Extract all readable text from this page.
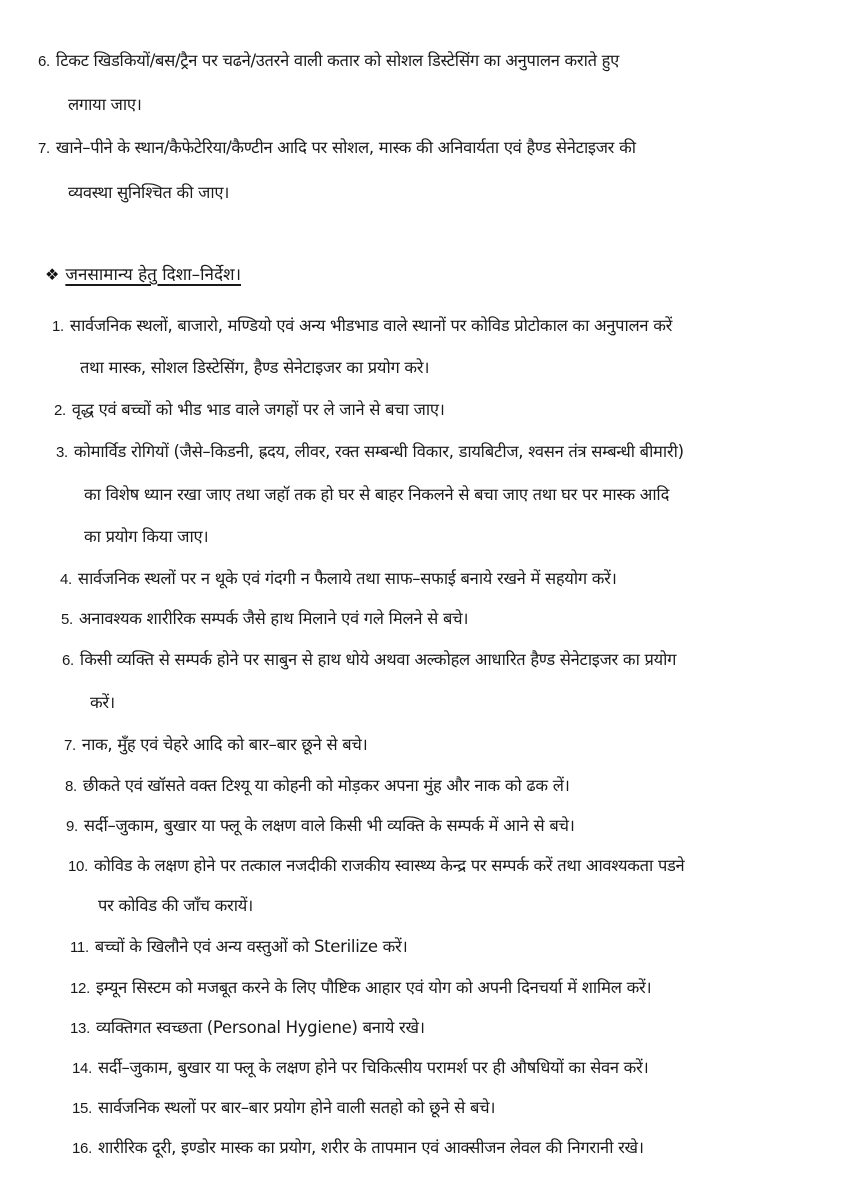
6. टिकट खिडकियों/बस/ट्रैन पर चढने/उतरने वाली कतार को सोशल डिस्टेसिंग का अनुपालन कराते हुए
लगाया जाए।
7. खाने–पीने के स्थान/कैफेटेरिया/कैण्टीन आदि पर सोशल, मास्क की अनिवार्यता एवं हैण्ड सेनेटाइजर की
व्यवस्था सुनिश्चित की जाए।
❖ जनसामान्य हेतु दिशा–निर्देश।
1. सार्वजनिक स्थलों, बाजारो, मण्डियो एवं अन्य भीडभाड वाले स्थानों पर कोविड प्रोटोकाल का अनुपालन करें
तथा मास्क, सोशल डिस्टेसिंग, हैण्ड सेनेटाइजर का प्रयोग करे।
2. वृद्ध एवं बच्चों को भीड भाड वाले जगहों पर ले जाने से बचा जाए।
3. कोमार्विड रोगियों (जैसे–किडनी, ह्रदय, लीवर, रक्त सम्बन्धी विकार, डायबिटीज, श्वसन तंत्र सम्बन्धी बीमारी)
का विशेष ध्यान रखा जाए तथा जहॉ तक हो घर से बाहर निकलने से बचा जाए तथा घर पर मास्क आदि
का प्रयोग किया जाए।
4. सार्वजनिक स्थलों पर न थूके एवं गंदगी न फैलाये तथा साफ–सफाई बनाये रखने में सहयोग करें।
5. अनावश्यक शारीरिक सम्पर्क जैसे हाथ मिलाने एवं गले मिलने से बचे।
6. किसी व्यक्ति से सम्पर्क होने पर साबुन से हाथ धोये अथवा अल्कोहल आधारित हैण्ड सेनेटाइजर का प्रयोग
करें।
7. नाक, मुँह एवं चेहरे आदि को बार–बार छूने से बचे।
8. छीकते एवं खॉसते वक्त टिश्यू या कोहनी को मोड़कर अपना मुंह और नाक को ढक लें।
9. सर्दी–जुकाम, बुखार या फ्लू के लक्षण वाले किसी भी व्यक्ति के सम्पर्क में आने से बचे।
10. कोविड के लक्षण होने पर तत्काल नजदीकी राजकीय स्वास्थ्य केन्द्र पर सम्पर्क करें तथा आवश्यकता पडने
पर कोविड की जाँच करायें।
11. बच्चों के खिलौने एवं अन्य वस्तुओं को Sterilize करें।
12. इम्यून सिस्टम को मजबूत करने के लिए पौष्टिक आहार एवं योग को अपनी दिनचर्या में शामिल करें।
13. व्यक्तिगत स्वच्छता (Personal Hygiene) बनाये रखे।
14. सर्दी–जुकाम, बुखार या फ्लू के लक्षण होने पर चिकित्सीय परामर्श पर ही औषधियों का सेवन करें।
15. सार्वजनिक स्थलों पर बार–बार प्रयोग होने वाली सतहो को छूने से बचे।
16. शारीरिक दूरी, इण्डोर मास्क का प्रयोग, शरीर के तापमान एवं आक्सीजन लेवल की निगरानी रखे।
